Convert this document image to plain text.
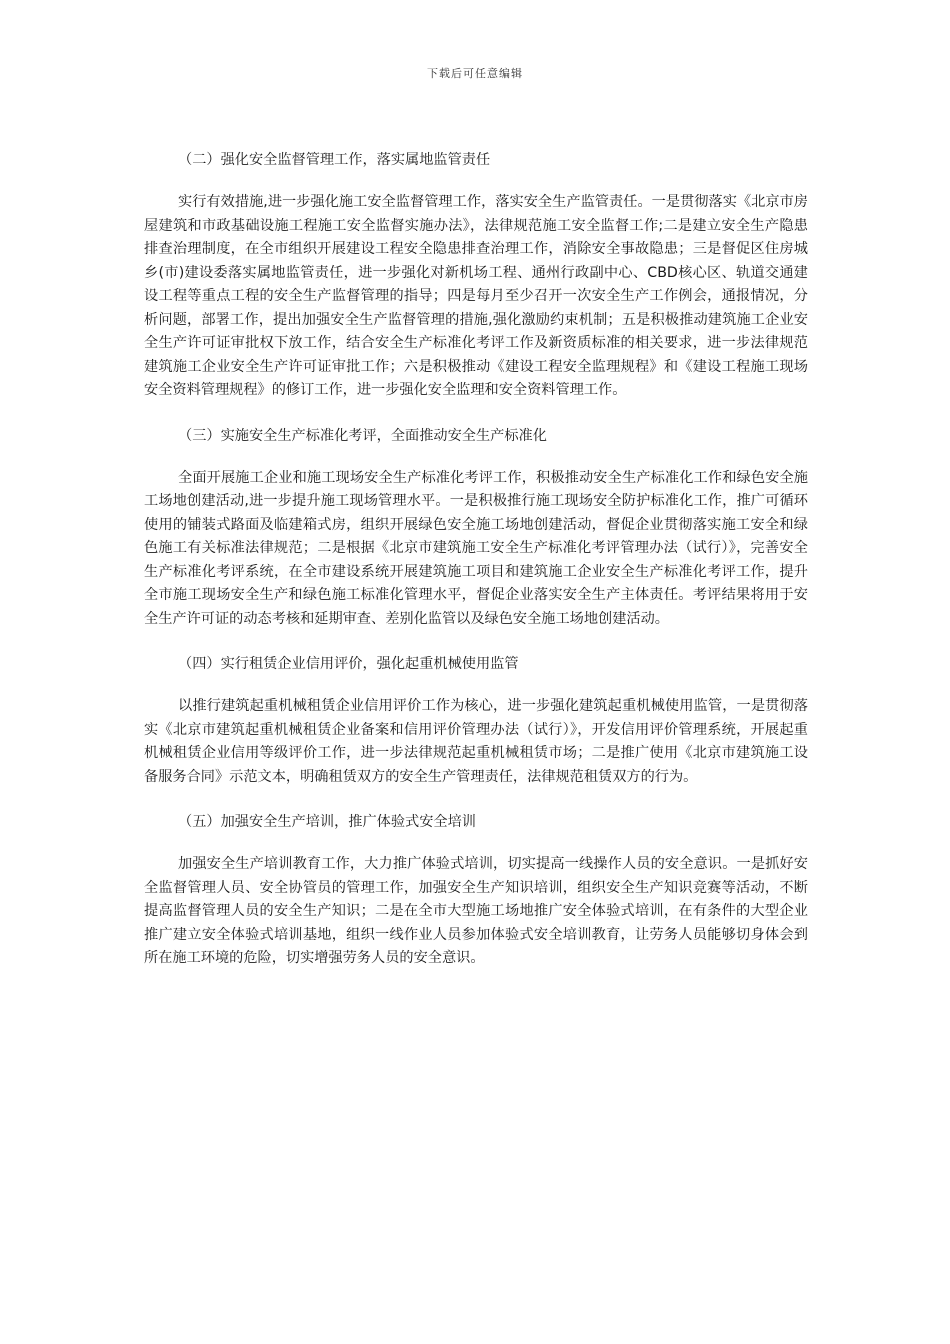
下载后可任意编辑
（二）强化安全监督管理工作，落实属地监管责任

实行有效措施,进一步强化施工安全监督管理工作，落实安全生产监管责任。一是贯彻落实《北京市房屋建筑和市政基础设施工程施工安全监督实施办法》，法律规范施工安全监督工作;二是建立安全生产隐患排查治理制度，在全市组织开展建设工程安全隐患排查治理工作，消除安全事故隐患；三是督促区住房城乡(市)建设委落实属地监管责任，进一步强化对新机场工程、通州行政副中心、CBD核心区、轨道交通建设工程等重点工程的安全生产监督管理的指导；四是每月至少召开一次安全生产工作例会，通报情况，分析问题，部署工作，提出加强安全生产监督管理的措施,强化激励约束机制；五是积极推动建筑施工企业安全生产许可证审批权下放工作，结合安全生产标准化考评工作及新资质标准的相关要求，进一步法律规范建筑施工企业安全生产许可证审批工作；六是积极推动《建设工程安全监理规程》和《建设工程施工现场安全资料管理规程》的修订工作，进一步强化安全监理和安全资料管理工作。

（三）实施安全生产标准化考评，全面推动安全生产标准化

全面开展施工企业和施工现场安全生产标准化考评工作，积极推动安全生产标准化工作和绿色安全施工场地创建活动,进一步提升施工现场管理水平。一是积极推行施工现场安全防护标准化工作，推广可循环使用的铺装式路面及临建箱式房，组织开展绿色安全施工场地创建活动，督促企业贯彻落实施工安全和绿色施工有关标准法律规范；二是根据《北京市建筑施工安全生产标准化考评管理办法（试行）》，完善安全生产标准化考评系统，在全市建设系统开展建筑施工项目和建筑施工企业安全生产标准化考评工作，提升全市施工现场安全生产和绿色施工标准化管理水平，督促企业落实安全生产主体责任。考评结果将用于安全生产许可证的动态考核和延期审查、差别化监管以及绿色安全施工场地创建活动。

（四）实行租赁企业信用评价，强化起重机械使用监管

以推行建筑起重机械租赁企业信用评价工作为核心，进一步强化建筑起重机械使用监管，一是贯彻落实《北京市建筑起重机械租赁企业备案和信用评价管理办法（试行）》，开发信用评价管理系统，开展起重机械租赁企业信用等级评价工作，进一步法律规范起重机械租赁市场；二是推广使用《北京市建筑施工设备服务合同》示范文本，明确租赁双方的安全生产管理责任，法律规范租赁双方的行为。

（五）加强安全生产培训，推广体验式安全培训

加强安全生产培训教育工作，大力推广体验式培训，切实提高一线操作人员的安全意识。一是抓好安全监督管理人员、安全协管员的管理工作，加强安全生产知识培训，组织安全生产知识竞赛等活动，不断提高监督管理人员的安全生产知识；二是在全市大型施工场地推广安全体验式培训，在有条件的大型企业推广建立安全体验式培训基地，组织一线作业人员参加体验式安全培训教育，让劳务人员能够切身体会到所在施工环境的危险，切实增强劳务人员的安全意识。
